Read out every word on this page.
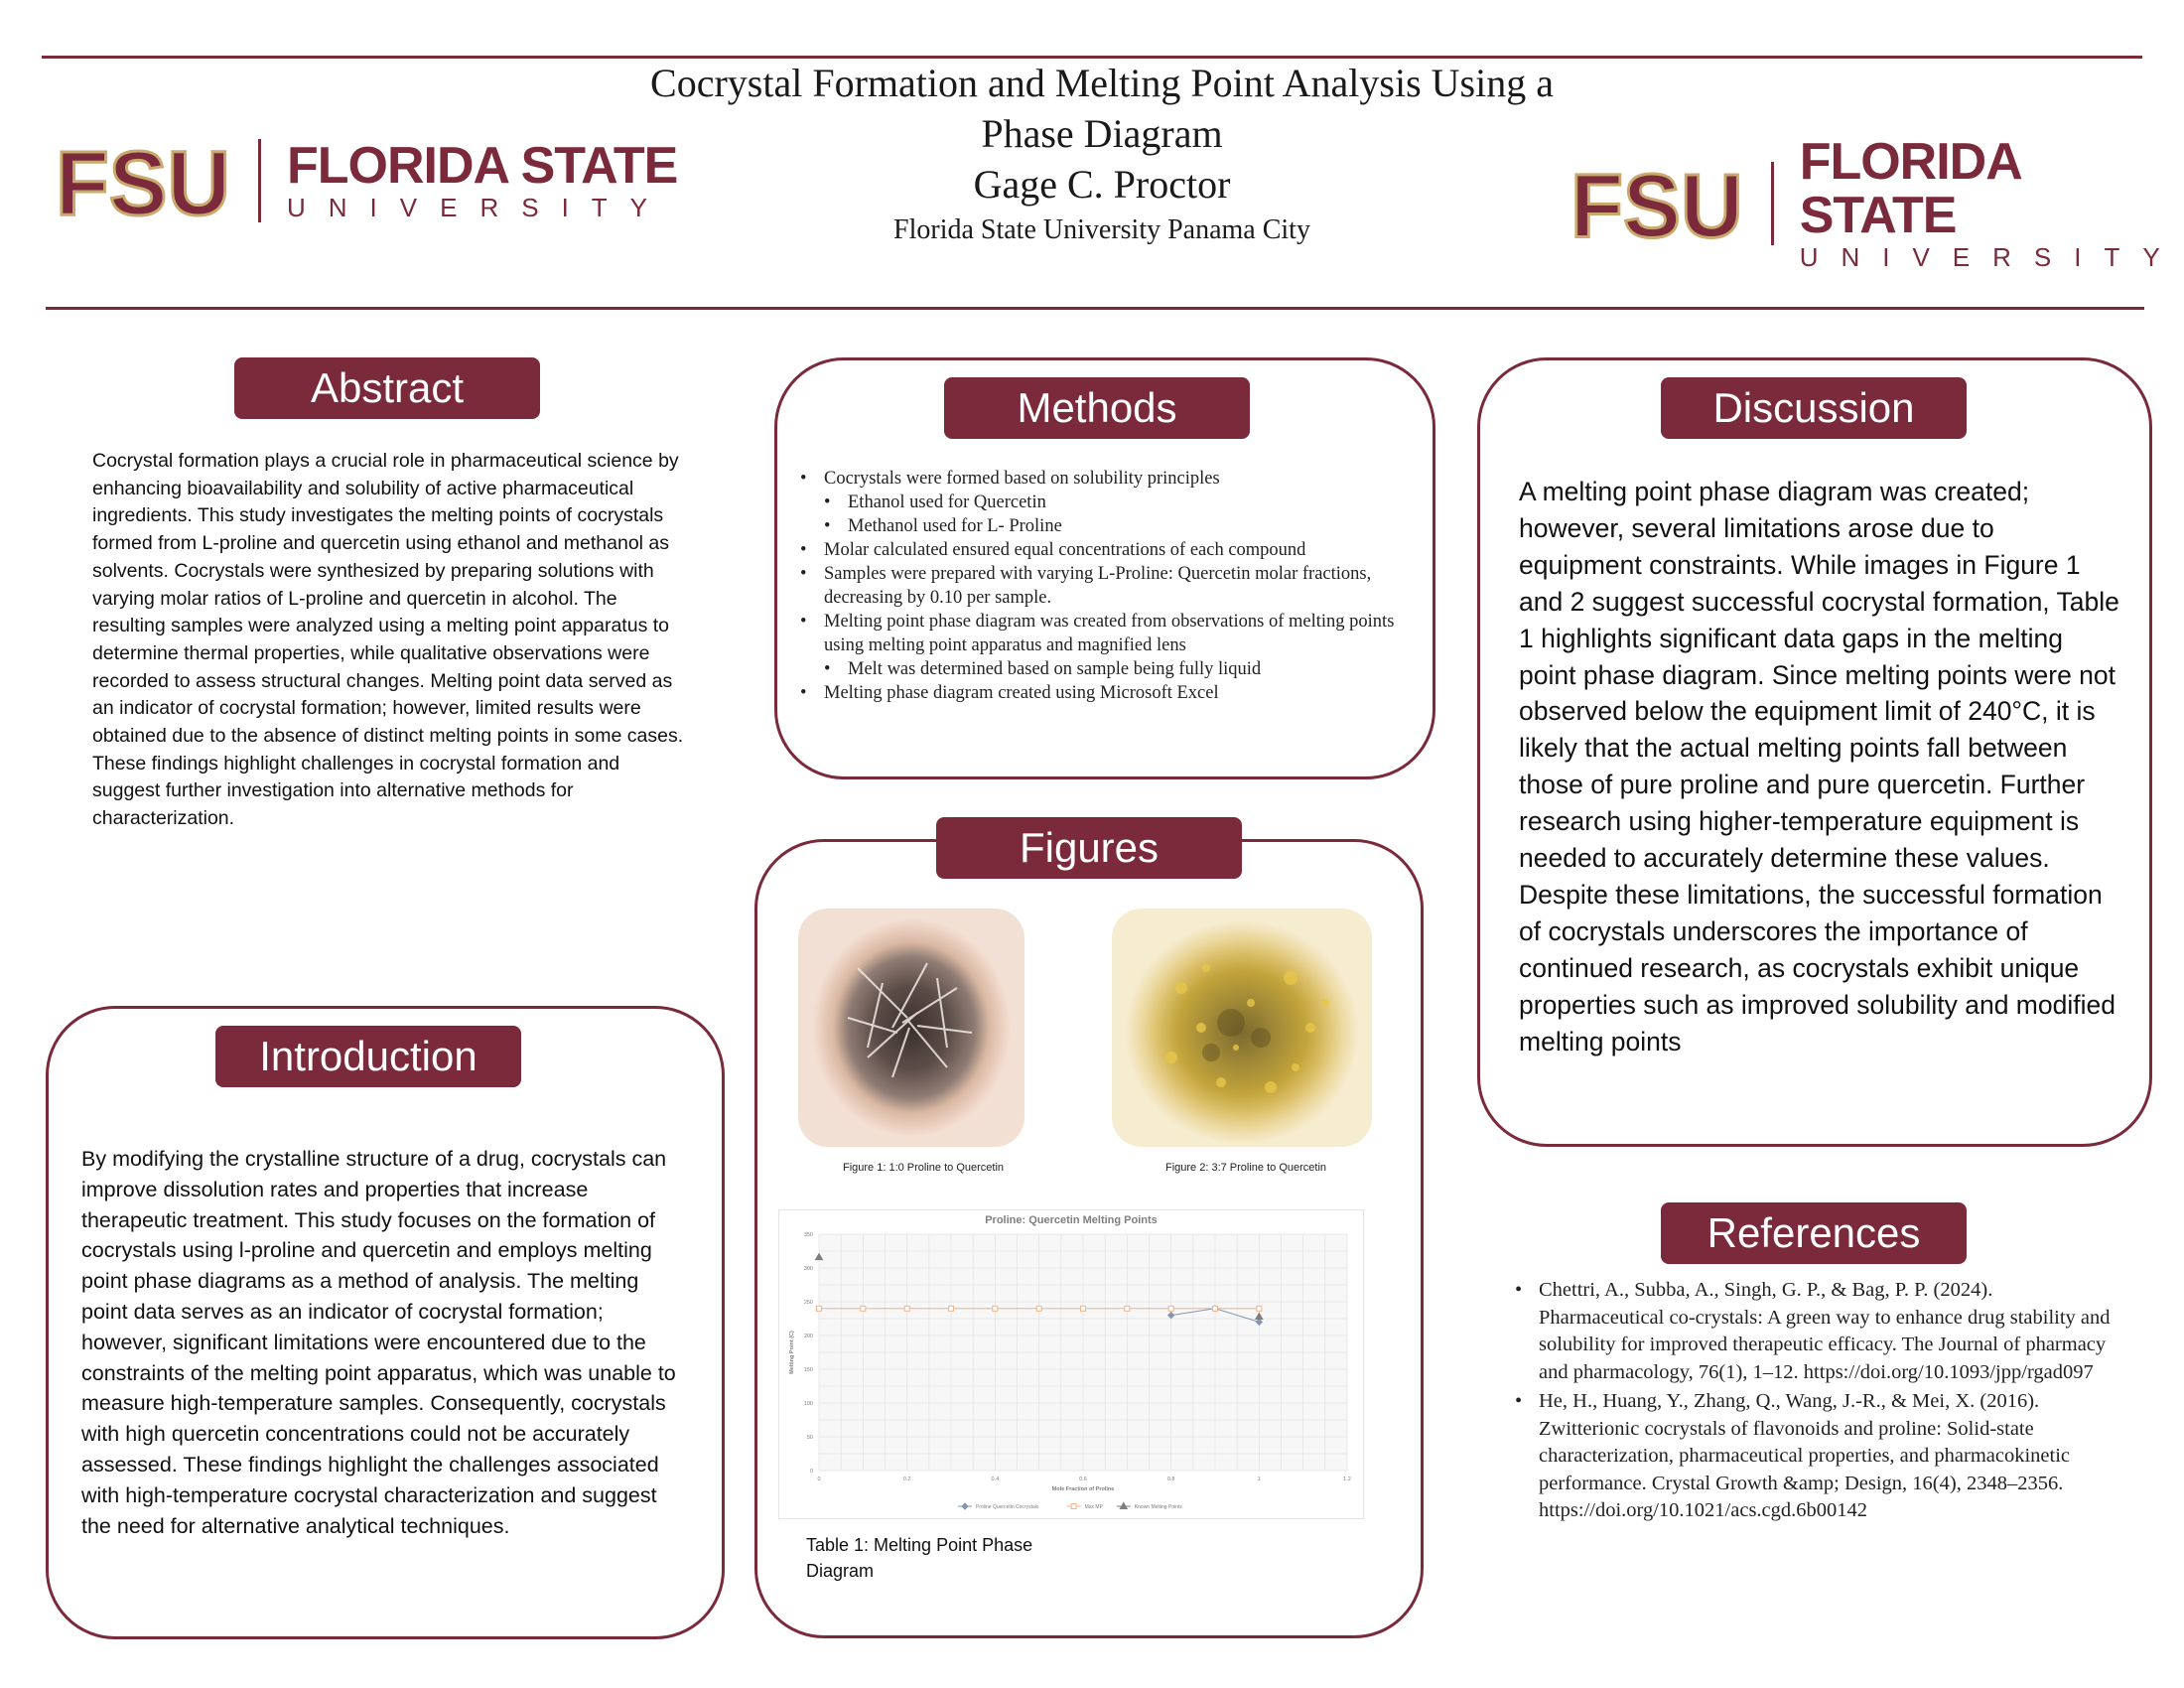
FSU FLORIDA STATE
UNIVERSITY	FSU FLORIDA STATE
UNIVERSITY
Cocrystal Formation and Melting Point Analysis Using a
Phase Diagram
Gage C. Proctor
Florida State University Panama City
Abstract
Cocrystal formation plays a crucial role in pharmaceutical science by enhancing bioavailability and solubility of active pharmaceutical ingredients. This study investigates the melting points of cocrystals formed from L-proline and quercetin using ethanol and methanol as solvents. Cocrystals were synthesized by preparing solutions with varying molar ratios of L-proline and quercetin in alcohol. The resulting samples were analyzed using a melting point apparatus to determine thermal properties, while qualitative observations were recorded to assess structural changes. Melting point data served as an indicator of cocrystal formation; however, limited results were obtained due to the absence of distinct melting points in some cases. These findings highlight challenges in cocrystal formation and suggest further investigation into alternative methods for characterization.
Introduction
By modifying the crystalline structure of a drug, cocrystals can improve dissolution rates and properties that increase therapeutic treatment. This study focuses on the formation of cocrystals using l-proline and quercetin and employs melting point phase diagrams as a method of analysis. The melting point data serves as an indicator of cocrystal formation; however, significant limitations were encountered due to the constraints of the melting point apparatus, which was unable to measure high-temperature samples. Consequently, cocrystals with high quercetin concentrations could not be accurately assessed. These findings highlight the challenges associated with high-temperature cocrystal characterization and suggest the need for alternative analytical techniques.
Methods
• Cocrystals were formed based on solubility principles
• Ethanol used for Quercetin
• Methanol used for L- Proline
• Molar calculated ensured equal concentrations of each compound
• Samples were prepared with varying L-Proline: Quercetin molar fractions, decreasing by 0.10 per sample.
• Melting point phase diagram was created from observations of melting points using melting point apparatus and magnified lens
• Melt was determined based on sample being fully liquid
• Melting phase diagram created using Microsoft Excel
Figures
Figure 1: 1:0 Proline to Quercetin	Figure 2: 3:7 Proline to Quercetin
Proline: Quercetin Melting Points
0
50
100
150
200
250
300
350
0	0.2	0.4	0.6	0.8	1	1.2
Mole Fraction of Proline
Melting Point (C)
Proline Quercetin Cocrystals	Max MP	Known Melting Points
Table 1: Melting Point Phase Diagram
Discussion
A melting point phase diagram was created; however, several limitations arose due to equipment constraints. While images in Figure 1 and 2 suggest successful cocrystal formation, Table 1 highlights significant data gaps in the melting point phase diagram. Since melting points were not observed below the equipment limit of 240°C, it is likely that the actual melting points fall between those of pure proline and pure quercetin. Further research using higher-temperature equipment is needed to accurately determine these values. Despite these limitations, the successful formation of cocrystals underscores the importance of continued research, as cocrystals exhibit unique properties such as improved solubility and modified melting points
References
• Chettri, A., Subba, A., Singh, G. P., & Bag, P. P. (2024). Pharmaceutical co-crystals: A green way to enhance drug stability and solubility for improved therapeutic efficacy. The Journal of pharmacy and pharmacology, 76(1), 1–12. https://doi.org/10.1093/jpp/rgad097
• He, H., Huang, Y., Zhang, Q., Wang, J.-R., & Mei, X. (2016). Zwitterionic cocrystals of flavonoids and proline: Solid-state characterization, pharmaceutical properties, and pharmacokinetic performance. Crystal Growth &amp; Design, 16(4), 2348–2356. https://doi.org/10.1021/acs.cgd.6b00142
